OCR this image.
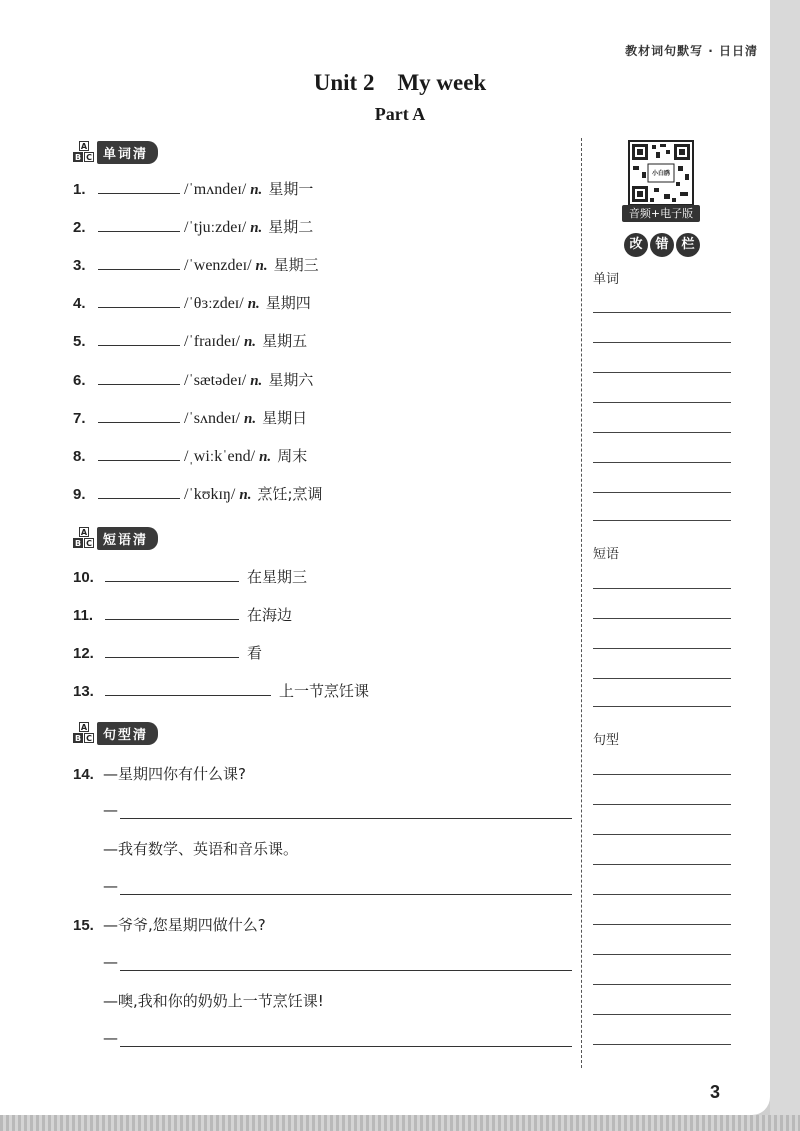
教材词句默写 · 日日清
Unit 2　My week
Part A
A
B C 单词清
1.	/ˈmʌndeɪ/ n. 星期一
2.	/ˈtjuːzdeɪ/ n. 星期二
3.	/ˈwenzdeɪ/ n. 星期三
4.	/ˈθɜːzdeɪ/ n. 星期四
5.	/ˈfraɪdeɪ/ n. 星期五
6.	/ˈsætədeɪ/ n. 星期六
7.	/ˈsʌndeɪ/ n. 星期日
8.	/ˌwiːkˈend/ n. 周末
9.	/ˈkʊkɪŋ/ n. 烹饪;烹调
A
B C 短语清
10.	在星期三
11.	在海边
12.	看
13.	上一节烹饪课
A
B C 句型清
14. —星期四你有什么课?
—
—我有数学、英语和音乐课。
—
15. —爷爷,您星期四做什么?
—
—噢,我和你的奶奶上一节烹饪课!
—
小白鸥
音频+电子版
改 错 栏
单词
短语
句型
3
